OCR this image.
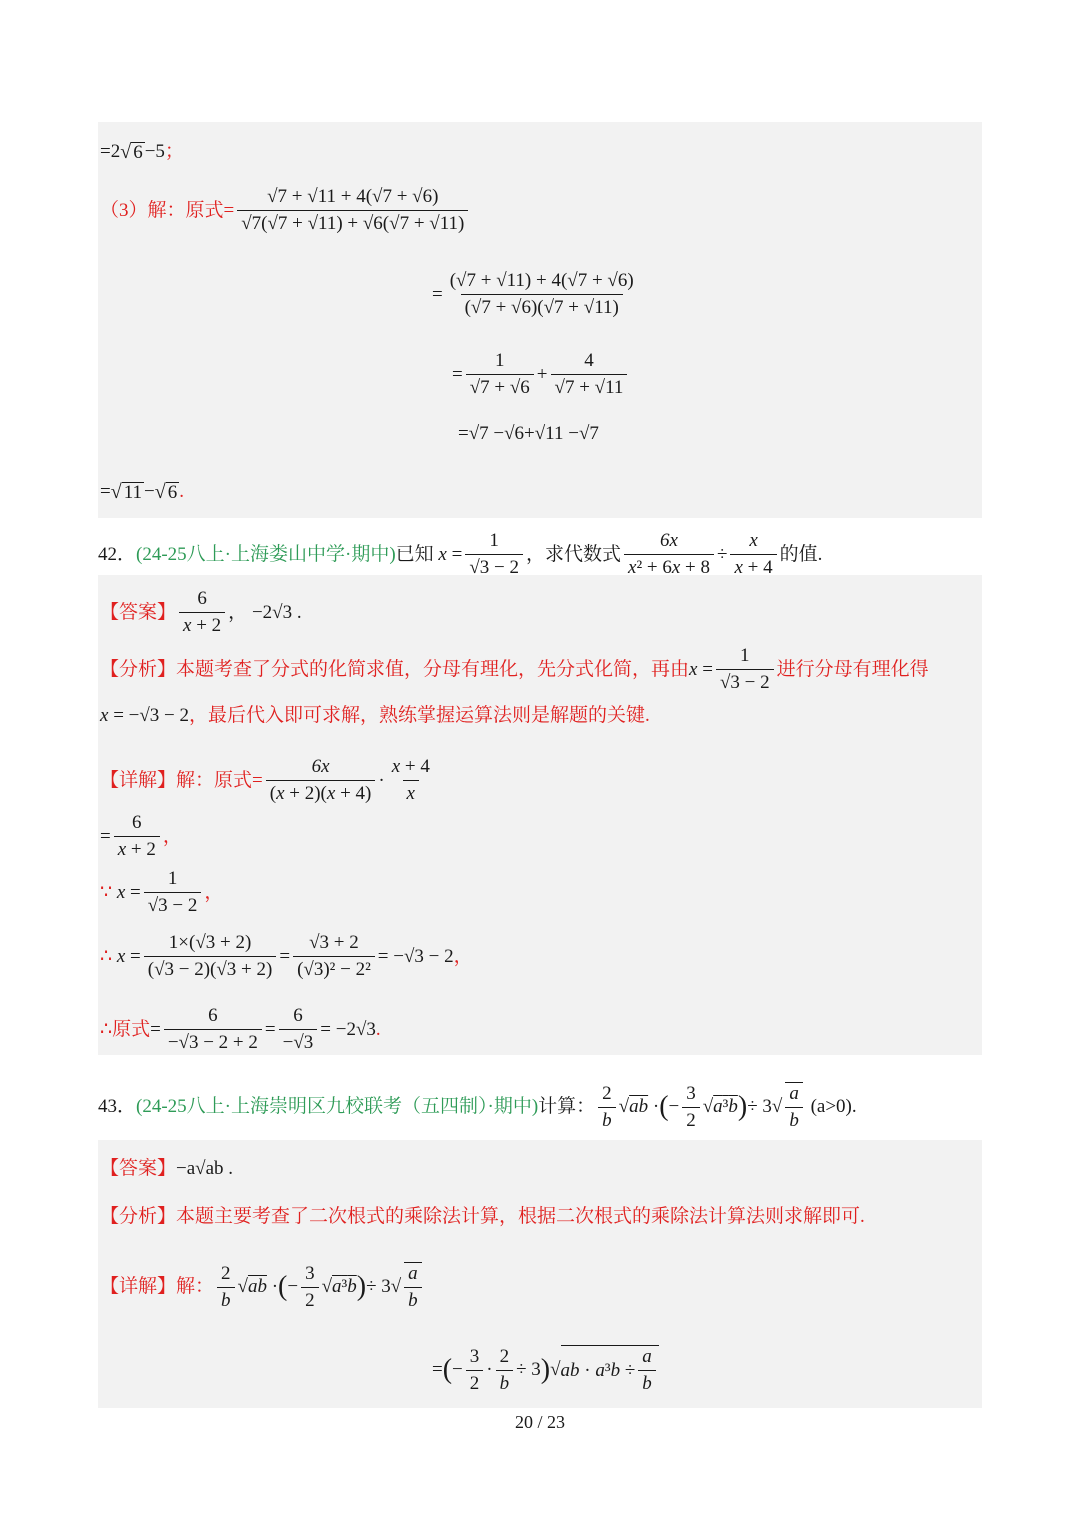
=2 √ 6 −5 ；
（3）解：原式= $\frac{√7 + √11 + 4(√7 + √6)}{√7(√7 + √11) + √6(√7 + √11)}$
= $\frac{(√7 + √11) + 4(√7 + √6)}{(√7 + √6)(√7 + √11)}$
= $\frac{1}{√7 + √6} + \frac{4}{√7 + √11}$
=√7 −√6+√11 −√7
= √ 11 − √ 6 .
42． (24-25八上·上海娄山中学·期中) 已知 $x = \frac{1}{√3 - 2}$ ，求代数式 $\frac{6x}{\text{x² + 6x + 8}} \div \frac{x}{x + 4}$ 的值.
【答案】 $\frac{6}{x + 2}$ ， −2√3 .
【分析】 本题考查了分式的化简求值，分母有理化，先分式化简，再由 $x = \frac{1}{√3 - 2}$ 进行分母有理化得
x = −√3 − 2 ，最后代入即可求解，熟练掌握运算法则是解题的关键.
【详解】 解：原式= $\frac{6x}{(x + 2)(x + 4)} \cdot \frac{x + 4}{x}$
= $\frac{6}{x + 2}$ ，
∵ $x = \frac{1}{√3 - 2}$ ，
∴ $x = \frac{1\times(√3 + 2)}{(√3 - 2)(√3 + 2)} = \frac{√3 + 2}{\text{(√3)² − 2²}} = -√3 - 2$ ，
∴ 原式 = $\frac{6}{-√3 - 2 + 2} = \frac{6}{-√3} = -2√3$ .
43． (24-25八上·上海崇明区九校联考（五四制）·期中) 计算： $\frac{2}{b} √ab$ · ( − $\frac{3}{2} √a^3b$ ) ÷ $3√ \frac{a}{b}$
(a>0).
【答案】 −a√ab .
【分析】 本题主要考查了二次根式的乘除法计算，根据二次根式的乘除法计算法则求解即可.
【详解】 解： $\frac{2}{b} √ab$ · ( − $\frac{3}{2} √a^3b$ ) ÷ $3√ \frac{a}{b}$
= ( − $\frac{3}{2} \cdot \frac{2}{b} \div 3$ ) √ ab · a ³ $b \div \frac{a}{b}$
20 / 23
